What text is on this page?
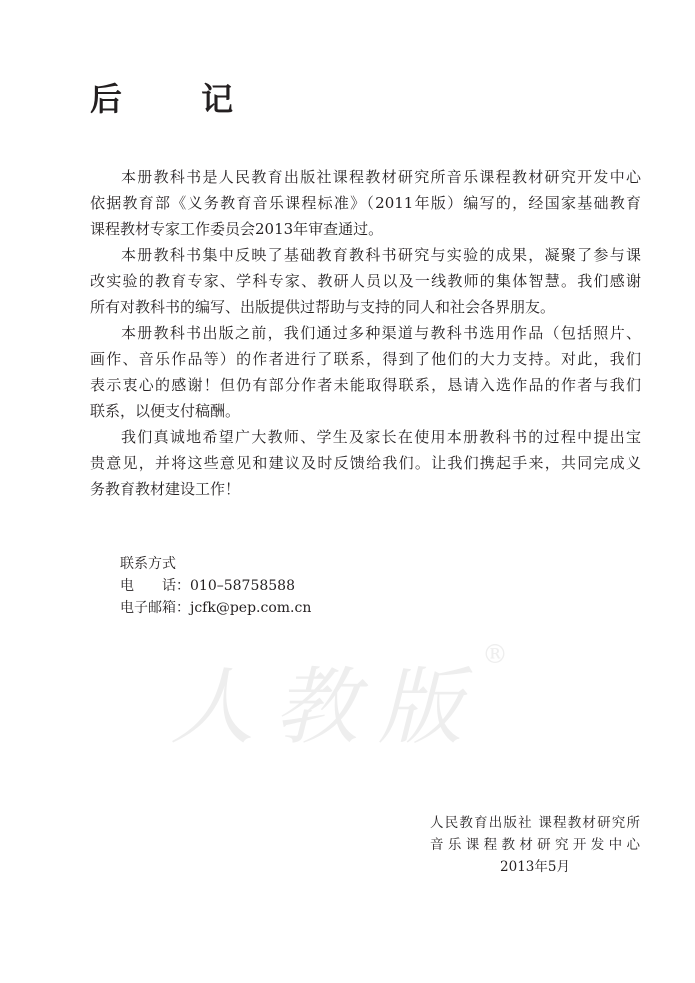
后 记
人教版®
本册教科书是人民教育出版社课程教材研究所音乐课程教材研究开发中心
依据教育部《义务教育音乐课程标准》（2011年版）编写的，经国家基础教育
课程教材专家工作委员会2013年审查通过。
本册教科书集中反映了基础教育教科书研究与实验的成果，凝聚了参与课
改实验的教育专家、学科专家、教研人员以及一线教师的集体智慧。我们感谢
所有对教科书的编写、出版提供过帮助与支持的同人和社会各界朋友。
本册教科书出版之前，我们通过多种渠道与教科书选用作品（包括照片、
画作、音乐作品等）的作者进行了联系，得到了他们的大力支持。对此，我们
表示衷心的感谢！但仍有部分作者未能取得联系，恳请入选作品的作者与我们
联系，以便支付稿酬。
我们真诚地希望广大教师、学生及家长在使用本册教科书的过程中提出宝
贵意见，并将这些意见和建议及时反馈给我们。让我们携起手来，共同完成义
务教育教材建设工作！
联系方式
电　　话：010–58758588
电子邮箱：jcfk@pep.com.cn
人民教育出版社 课程教材研究所
音乐课程教材研究开发中心
2013年5月
